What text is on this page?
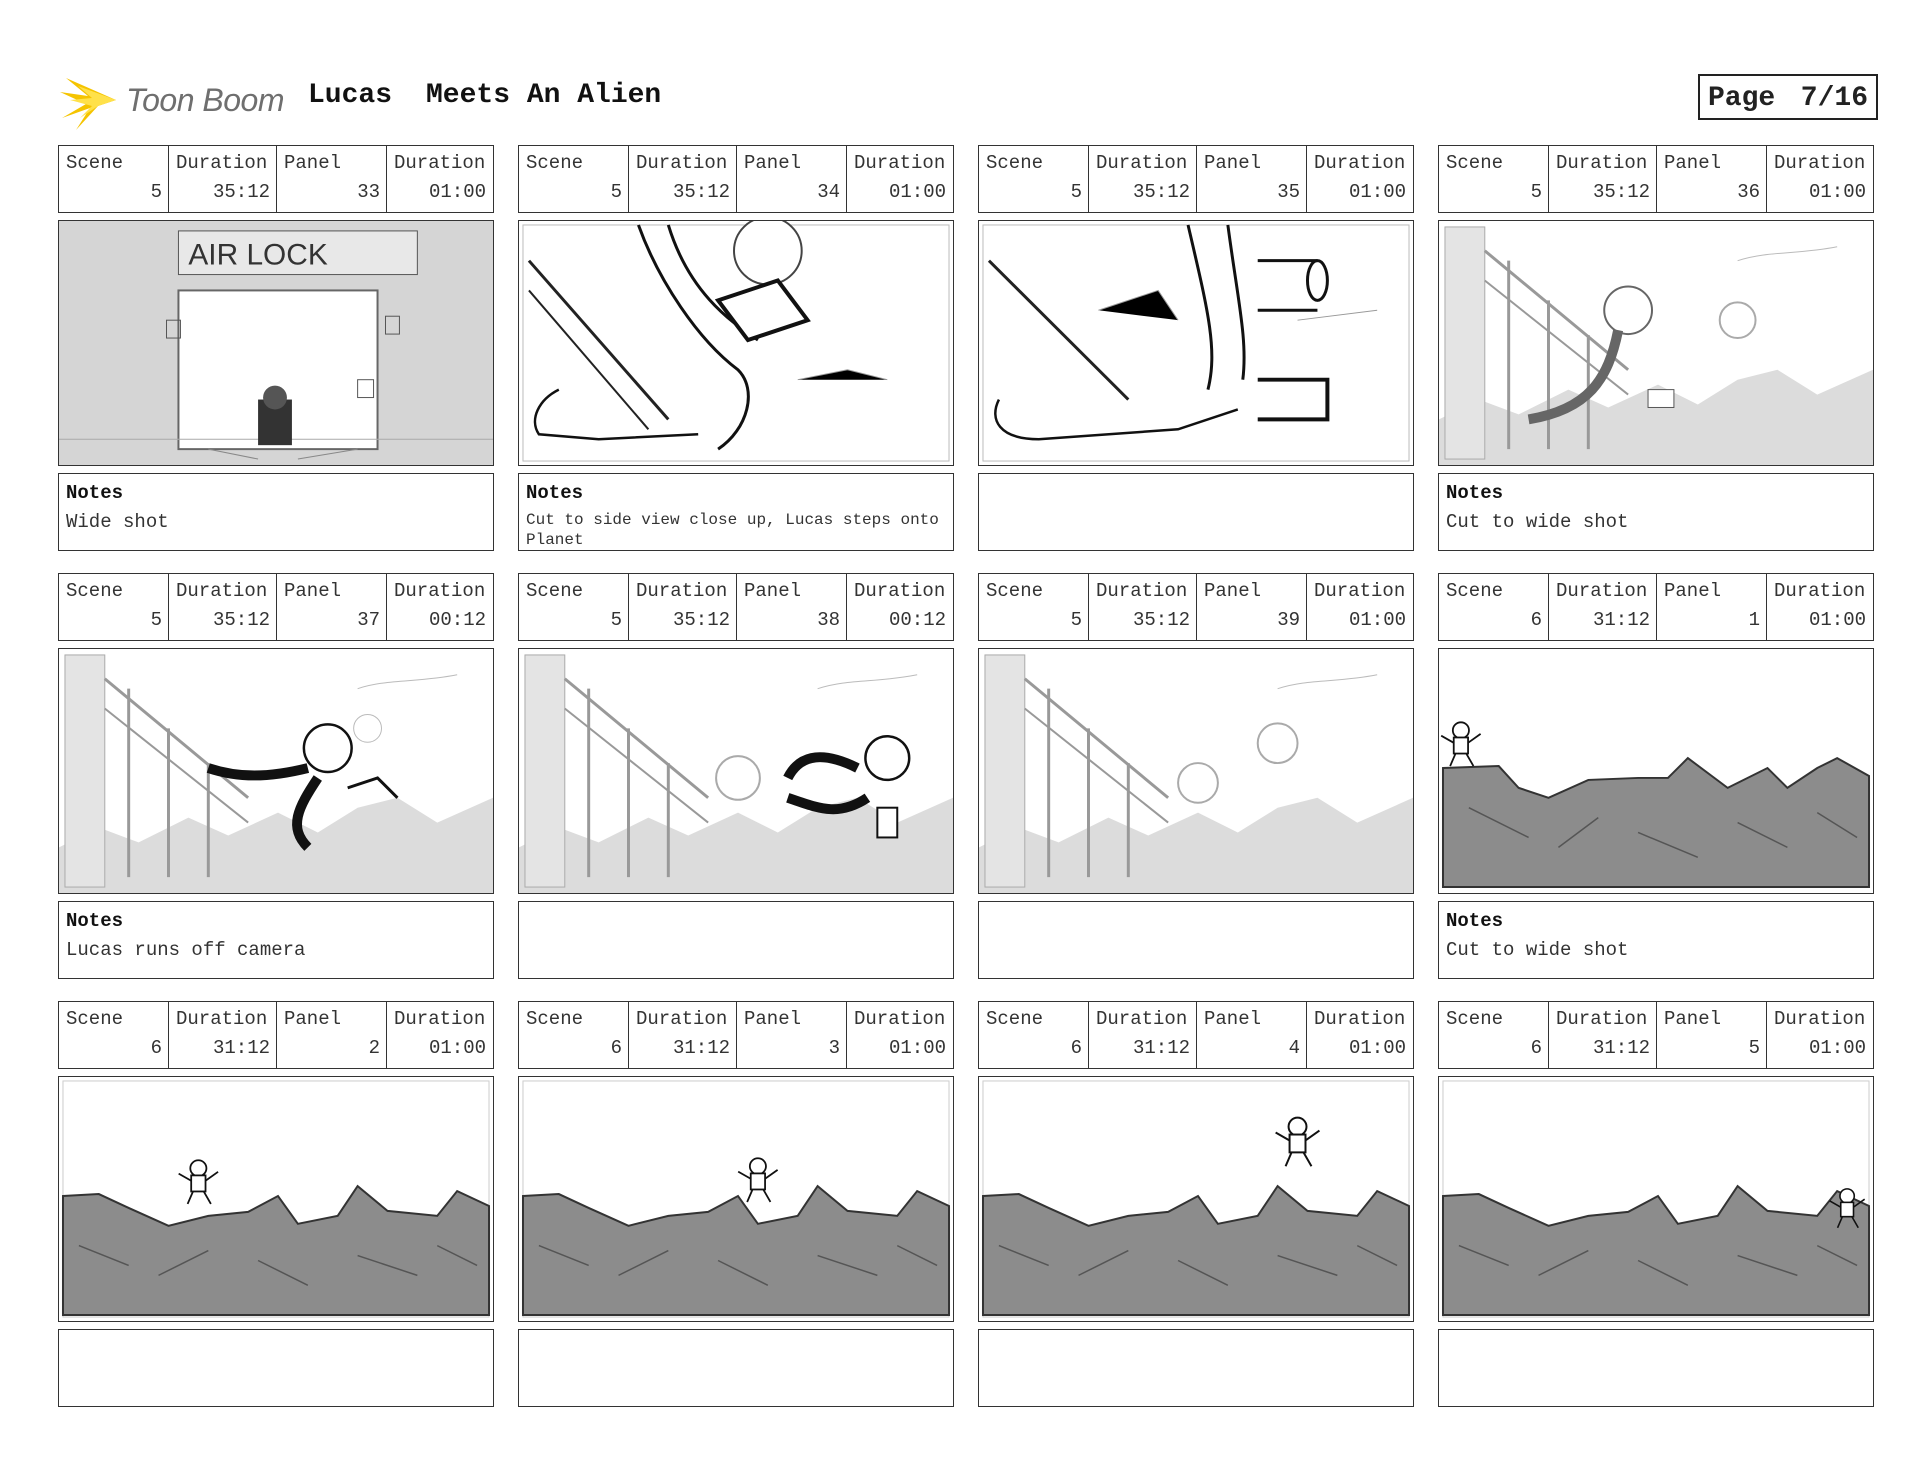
Toon Boom Lucas Meets An Alien	Page 7/16
Scene
5
Duration
35:12
Panel
33
Duration
01:00
AIR LOCK
Notes
Wide shot
Scene
5
Duration
35:12
Panel
34
Duration
01:00
Notes
Cut to side view close up, Lucas steps onto Planet
Scene
5
Duration
35:12
Panel
35
Duration
01:00
Scene
5
Duration
35:12
Panel
36
Duration
01:00
Notes
Cut to wide shot
Scene
5
Duration
35:12
Panel
37
Duration
00:12
Notes
Lucas runs off camera
Scene
5
Duration
35:12
Panel
38
Duration
00:12
Scene
5
Duration
35:12
Panel
39
Duration
01:00
Scene
6
Duration
31:12
Panel
1
Duration
01:00
Notes
Cut to wide shot
Scene
6
Duration
31:12
Panel
2
Duration
01:00
Scene
6
Duration
31:12
Panel
3
Duration
01:00
Scene
6
Duration
31:12
Panel
4
Duration
01:00
Scene
6
Duration
31:12
Panel
5
Duration
01:00
